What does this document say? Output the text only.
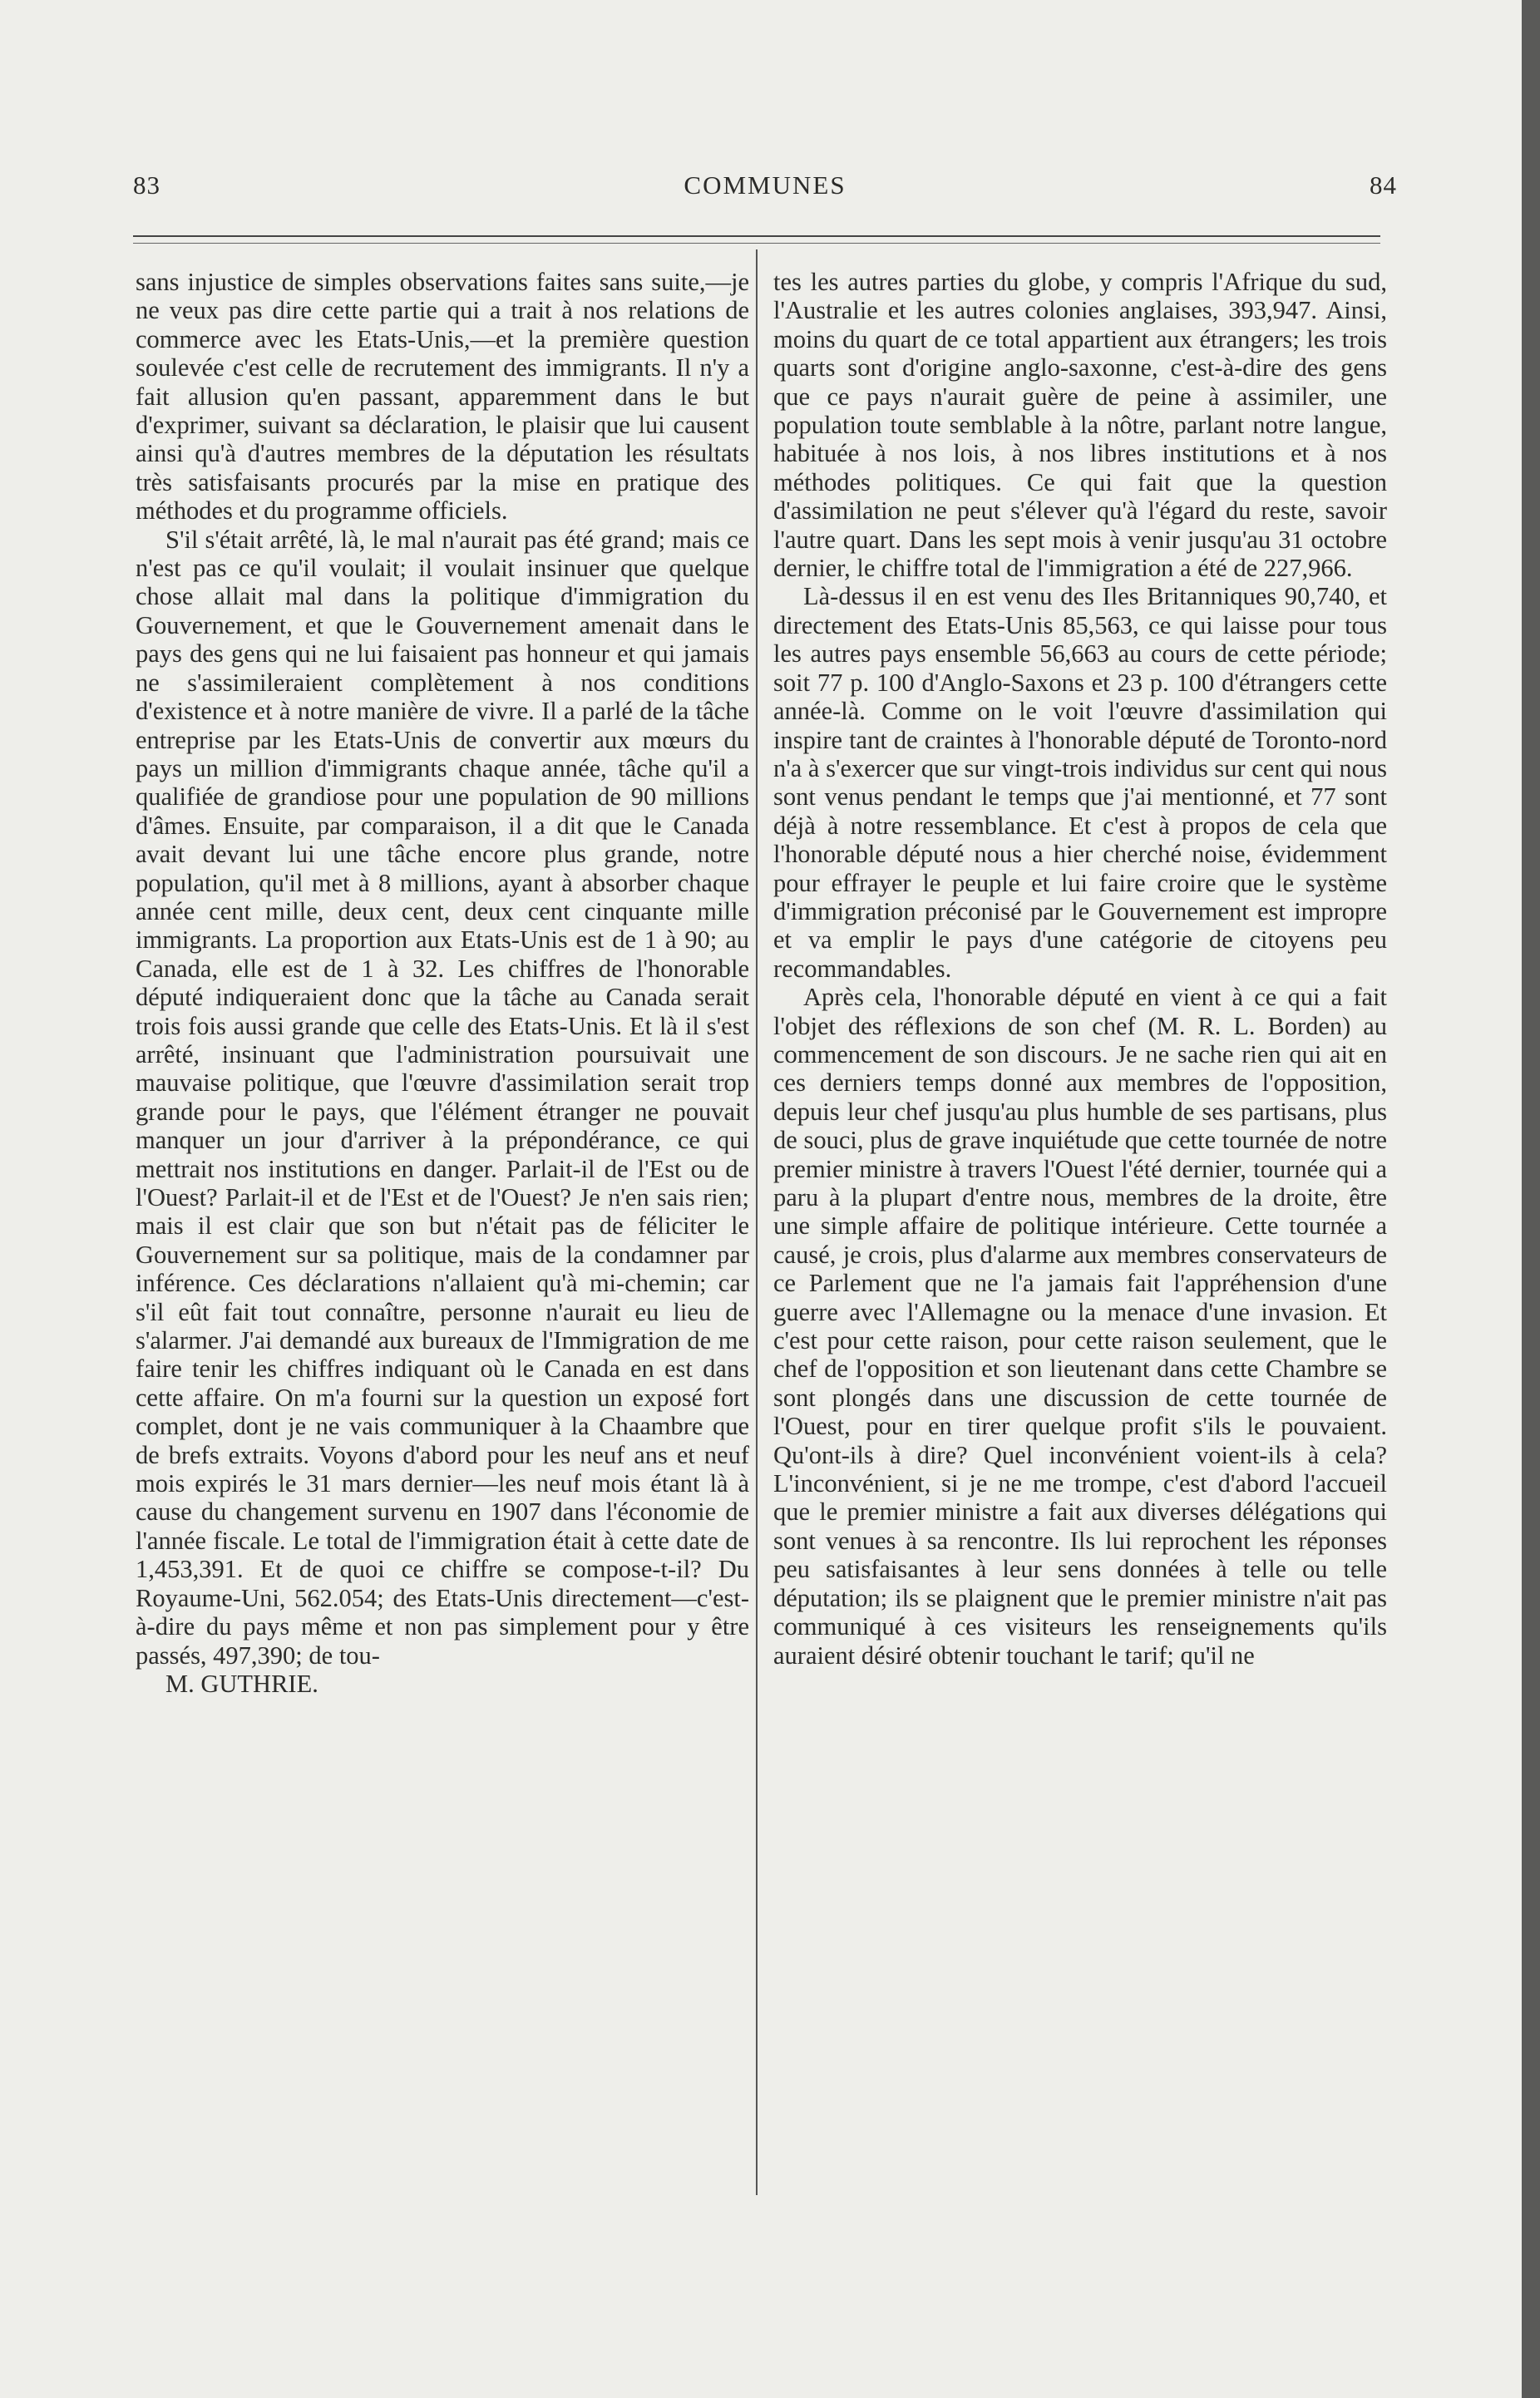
83	COMMUNES	84

sans injustice de simples observations faites sans suite,—je ne veux pas dire cette partie qui a trait à nos relations de commerce avec les Etats-Unis,—et la première question soulevée c'est celle de recrutement des immigrants. Il n'y a fait allusion qu'en passant, apparemment dans le but d'exprimer, suivant sa déclaration, le plaisir que lui causent ainsi qu'à d'autres membres de la députation les résultats très satisfaisants procurés par la mise en pratique des méthodes et du programme officiels.

S'il s'était arrêté, là, le mal n'aurait pas été grand; mais ce n'est pas ce qu'il voulait; il voulait insinuer que quelque chose allait mal dans la politique d'immigration du Gouvernement, et que le Gouvernement amenait dans le pays des gens qui ne lui faisaient pas honneur et qui jamais ne s'assimileraient complètement à nos conditions d'existence et à notre manière de vivre. Il a parlé de la tâche entreprise par les Etats-Unis de convertir aux mœurs du pays un million d'immigrants chaque année, tâche qu'il a qualifiée de grandiose pour une population de 90 millions d'âmes. Ensuite, par comparaison, il a dit que le Canada avait devant lui une tâche encore plus grande, notre population, qu'il met à 8 millions, ayant à absorber chaque année cent mille, deux cent, deux cent cinquante mille immigrants. La proportion aux Etats-Unis est de 1 à 90; au Canada, elle est de 1 à 32. Les chiffres de l'honorable député indiqueraient donc que la tâche au Canada serait trois fois aussi grande que celle des Etats-Unis. Et là il s'est arrêté, insinuant que l'administration poursuivait une mauvaise politique, que l'œuvre d'assimilation serait trop grande pour le pays, que l'élément étranger ne pouvait manquer un jour d'arriver à la prépondérance, ce qui mettrait nos institutions en danger. Parlait-il de l'Est ou de l'Ouest? Parlait-il et de l'Est et de l'Ouest? Je n'en sais rien; mais il est clair que son but n'était pas de féliciter le Gouvernement sur sa politique, mais de la condamner par inférence. Ces déclarations n'allaient qu'à mi-chemin; car s'il eût fait tout connaître, personne n'aurait eu lieu de s'alarmer. J'ai demandé aux bureaux de l'Immigration de me faire tenir les chiffres indiquant où le Canada en est dans cette affaire. On m'a fourni sur la question un exposé fort complet, dont je ne vais communiquer à la Chaambre que de brefs extraits. Voyons d'abord pour les neuf ans et neuf mois expirés le 31 mars dernier—les neuf mois étant là à cause du changement survenu en 1907 dans l'économie de l'année fiscale. Le total de l'immigration était à cette date de 1,453,391. Et de quoi ce chiffre se compose-t-il? Du Royaume-Uni, 562.054; des Etats-Unis directement—c'est-à-dire du pays même et non pas simplement pour y être passés, 497,390; de tou-

M. GUTHRIE.

tes les autres parties du globe, y compris l'Afrique du sud, l'Australie et les autres colonies anglaises, 393,947. Ainsi, moins du quart de ce total appartient aux étrangers; les trois quarts sont d'origine anglo-saxonne, c'est-à-dire des gens que ce pays n'aurait guère de peine à assimiler, une population toute semblable à la nôtre, parlant notre langue, habituée à nos lois, à nos libres institutions et à nos méthodes politiques. Ce qui fait que la question d'assimilation ne peut s'élever qu'à l'égard du reste, savoir l'autre quart. Dans les sept mois à venir jusqu'au 31 octobre dernier, le chiffre total de l'immigration a été de 227,966.

Là-dessus il en est venu des Iles Britanniques 90,740, et directement des Etats-Unis 85,563, ce qui laisse pour tous les autres pays ensemble 56,663 au cours de cette période; soit 77 p. 100 d'Anglo-Saxons et 23 p. 100 d'étrangers cette année-là. Comme on le voit l'œuvre d'assimilation qui inspire tant de craintes à l'honorable député de Toronto-nord n'a à s'exercer que sur vingt-trois individus sur cent qui nous sont venus pendant le temps que j'ai mentionné, et 77 sont déjà à notre ressemblance. Et c'est à propos de cela que l'honorable député nous a hier cherché noise, évidemment pour effrayer le peuple et lui faire croire que le système d'immigration préconisé par le Gouvernement est impropre et va emplir le pays d'une catégorie de citoyens peu recommandables.

Après cela, l'honorable député en vient à ce qui a fait l'objet des réflexions de son chef (M. R. L. Borden) au commencement de son discours. Je ne sache rien qui ait en ces derniers temps donné aux membres de l'opposition, depuis leur chef jusqu'au plus humble de ses partisans, plus de souci, plus de grave inquiétude que cette tournée de notre premier ministre à travers l'Ouest l'été dernier, tournée qui a paru à la plupart d'entre nous, membres de la droite, être une simple affaire de politique intérieure. Cette tournée a causé, je crois, plus d'alarme aux membres conservateurs de ce Parlement que ne l'a jamais fait l'appréhension d'une guerre avec l'Allemagne ou la menace d'une invasion. Et c'est pour cette raison, pour cette raison seulement, que le chef de l'opposition et son lieutenant dans cette Chambre se sont plongés dans une discussion de cette tournée de l'Ouest, pour en tirer quelque profit s'ils le pouvaient. Qu'ont-ils à dire? Quel inconvénient voient-ils à cela? L'inconvénient, si je ne me trompe, c'est d'abord l'accueil que le premier ministre a fait aux diverses délégations qui sont venues à sa rencontre. Ils lui reprochent les réponses peu satisfaisantes à leur sens données à telle ou telle députation; ils se plaignent que le premier ministre n'ait pas communiqué à ces visiteurs les renseignements qu'ils auraient désiré obtenir touchant le tarif; qu'il ne
